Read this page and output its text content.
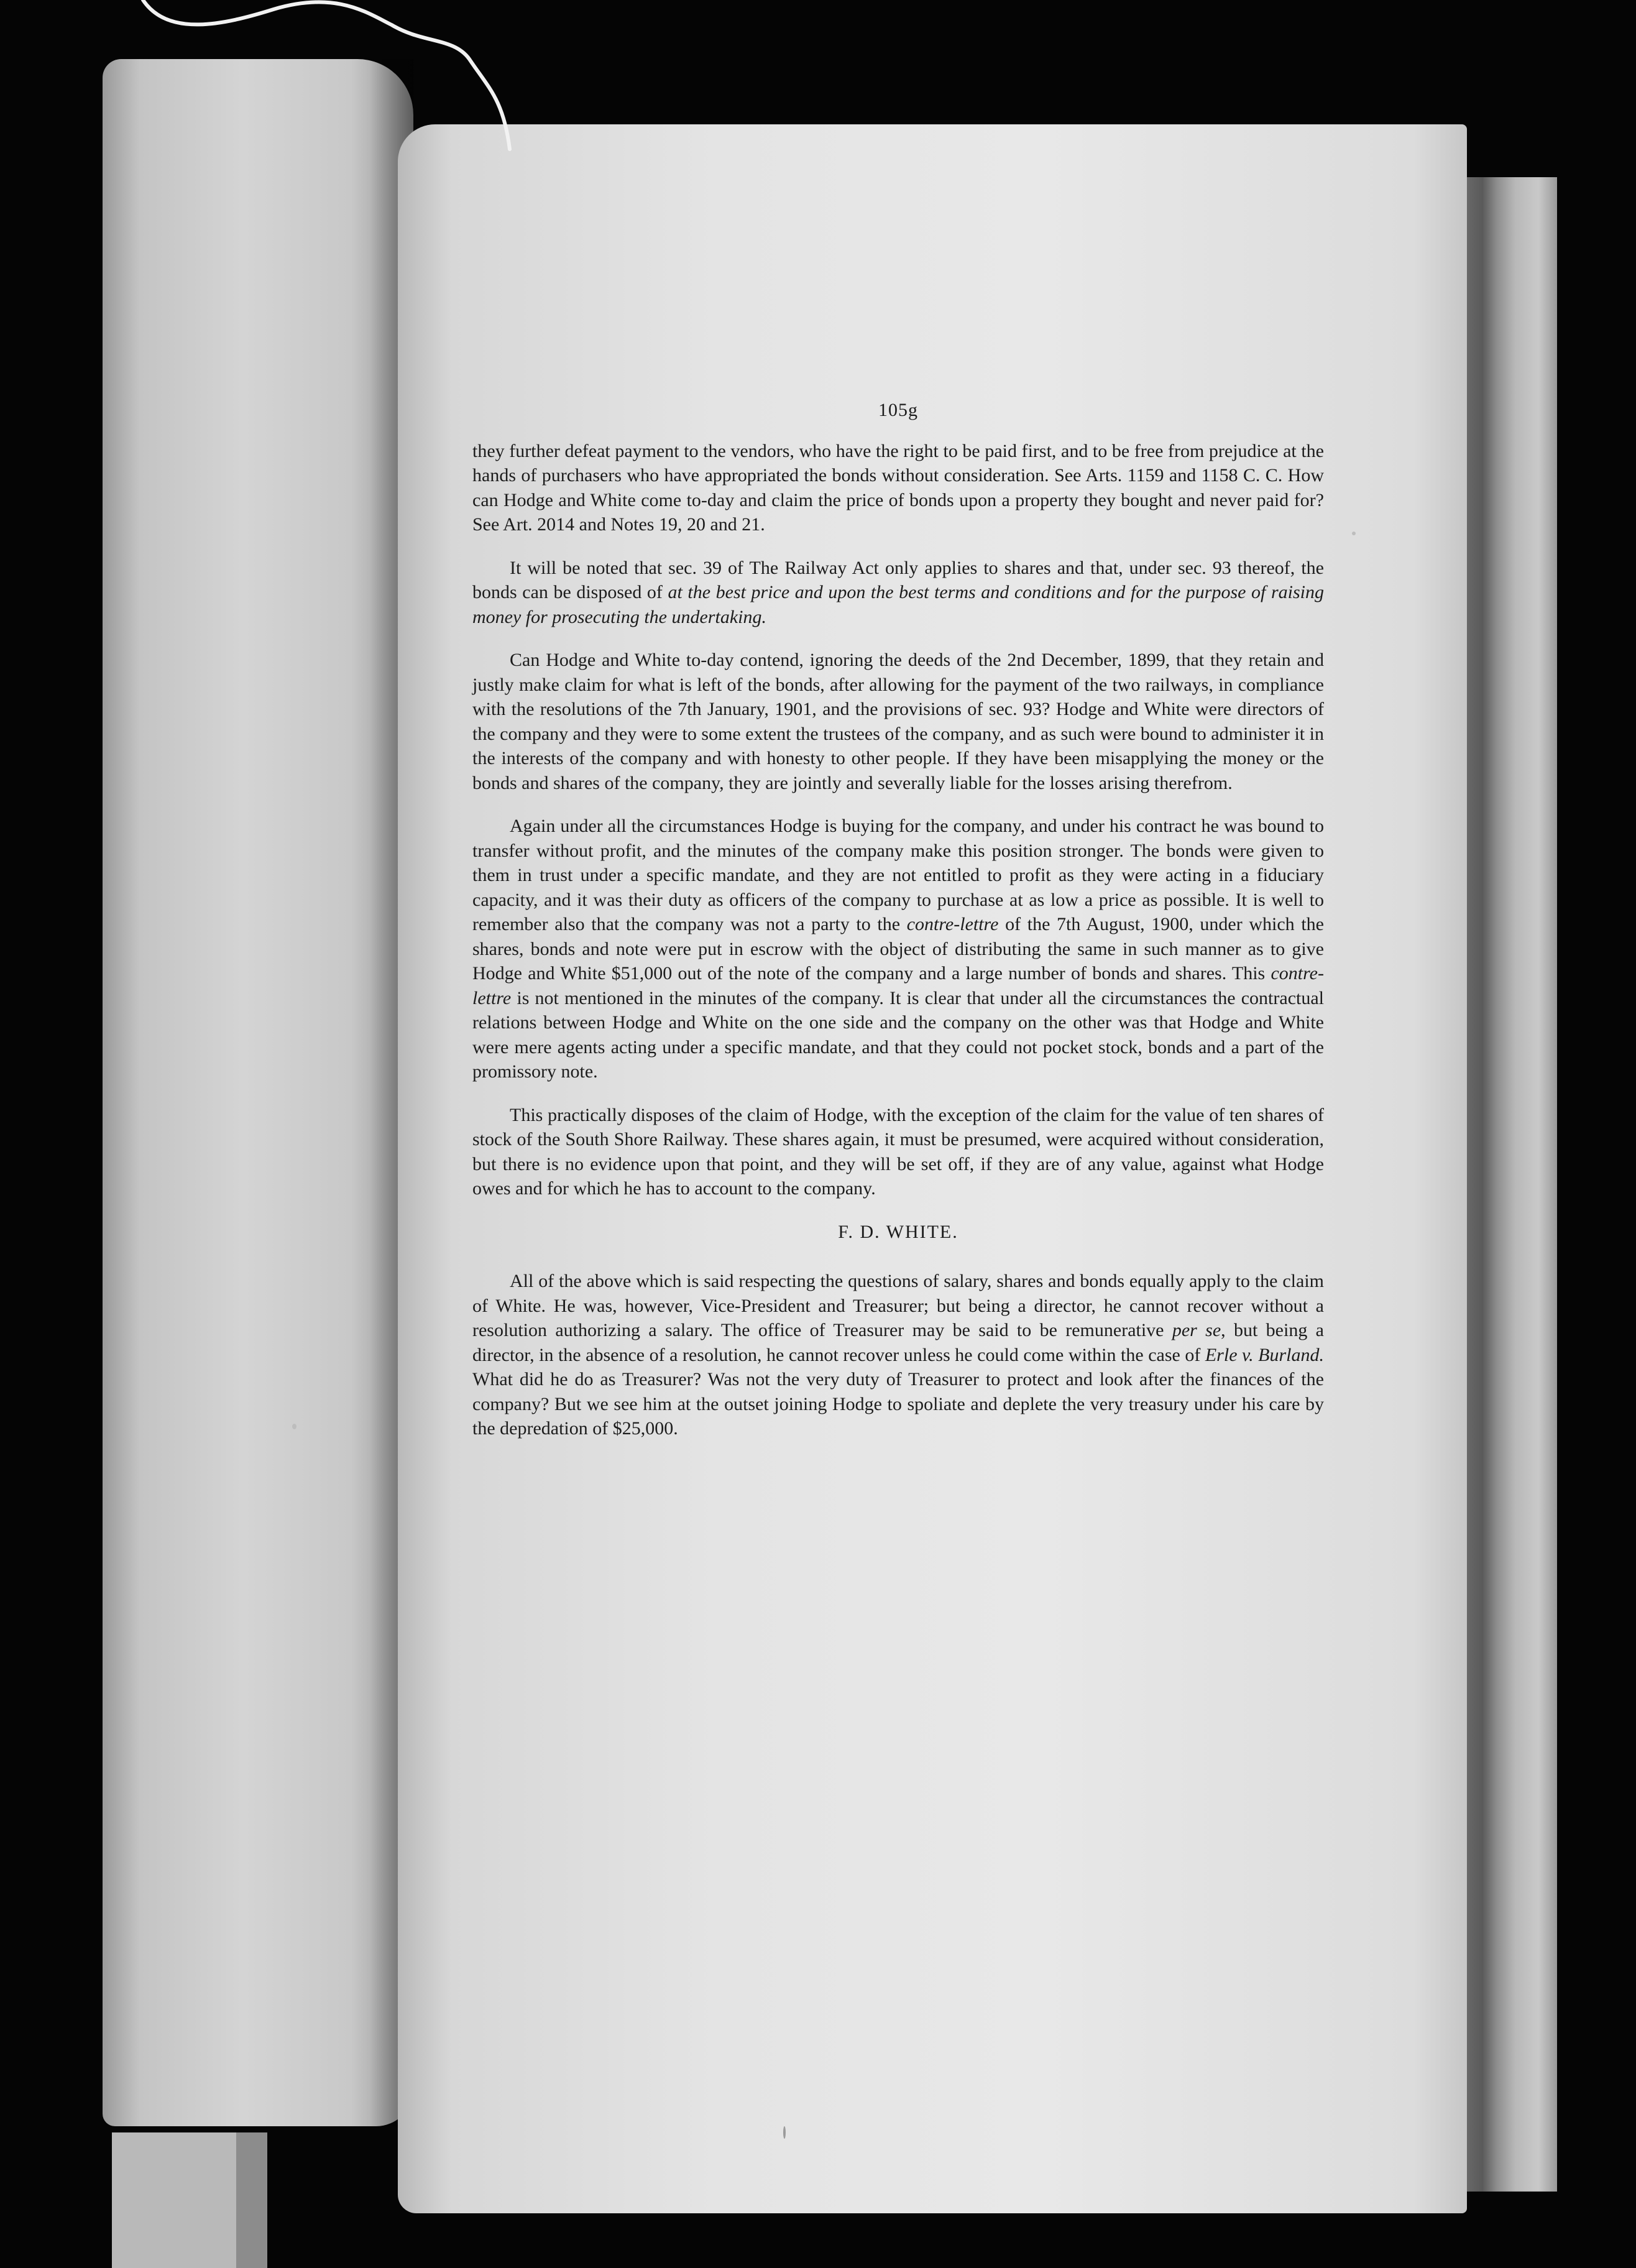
105g

they further defeat payment to the vendors, who have the right to be paid first, and to be free from prejudice at the hands of purchasers who have appropriated the bonds without consideration. See Arts. 1159 and 1158 C. C. How can Hodge and White come to-day and claim the price of bonds upon a property they bought and never paid for? See Art. 2014 and Notes 19, 20 and 21.

It will be noted that sec. 39 of The Railway Act only applies to shares and that, under sec. 93 thereof, the bonds can be disposed of at the best price and upon the best terms and conditions and for the purpose of raising money for prosecuting the undertaking.

Can Hodge and White to-day contend, ignoring the deeds of the 2nd December, 1899, that they retain and justly make claim for what is left of the bonds, after allowing for the payment of the two railways, in compliance with the resolutions of the 7th January, 1901, and the provisions of sec. 93? Hodge and White were directors of the company and they were to some extent the trustees of the company, and as such were bound to administer it in the interests of the company and with honesty to other people. If they have been misapplying the money or the bonds and shares of the company, they are jointly and severally liable for the losses arising therefrom.

Again under all the circumstances Hodge is buying for the company, and under his contract he was bound to transfer without profit, and the minutes of the company make this position stronger. The bonds were given to them in trust under a specific mandate, and they are not entitled to profit as they were acting in a fiduciary capacity, and it was their duty as officers of the company to purchase at as low a price as possible. It is well to remember also that the company was not a party to the contre-lettre of the 7th August, 1900, under which the shares, bonds and note were put in escrow with the object of distributing the same in such manner as to give Hodge and White $51,000 out of the note of the company and a large number of bonds and shares. This contre-lettre is not mentioned in the minutes of the company. It is clear that under all the circumstances the contractual relations between Hodge and White on the one side and the company on the other was that Hodge and White were mere agents acting under a specific mandate, and that they could not pocket stock, bonds and a part of the promissory note.

This practically disposes of the claim of Hodge, with the exception of the claim for the value of ten shares of stock of the South Shore Railway. These shares again, it must be presumed, were acquired without consideration, but there is no evidence upon that point, and they will be set off, if they are of any value, against what Hodge owes and for which he has to account to the company.

F. D. WHITE.

All of the above which is said respecting the questions of salary, shares and bonds equally apply to the claim of White. He was, however, Vice-President and Treasurer; but being a director, he cannot recover without a resolution authorizing a salary. The office of Treasurer may be said to be remunerative per se, but being a director, in the absence of a resolution, he cannot recover unless he could come within the case of Erle v. Burland. What did he do as Treasurer? Was not the very duty of Treasurer to protect and look after the finances of the company? But we see him at the outset joining Hodge to spoliate and deplete the very treasury under his care by the depredation of $25,000.
